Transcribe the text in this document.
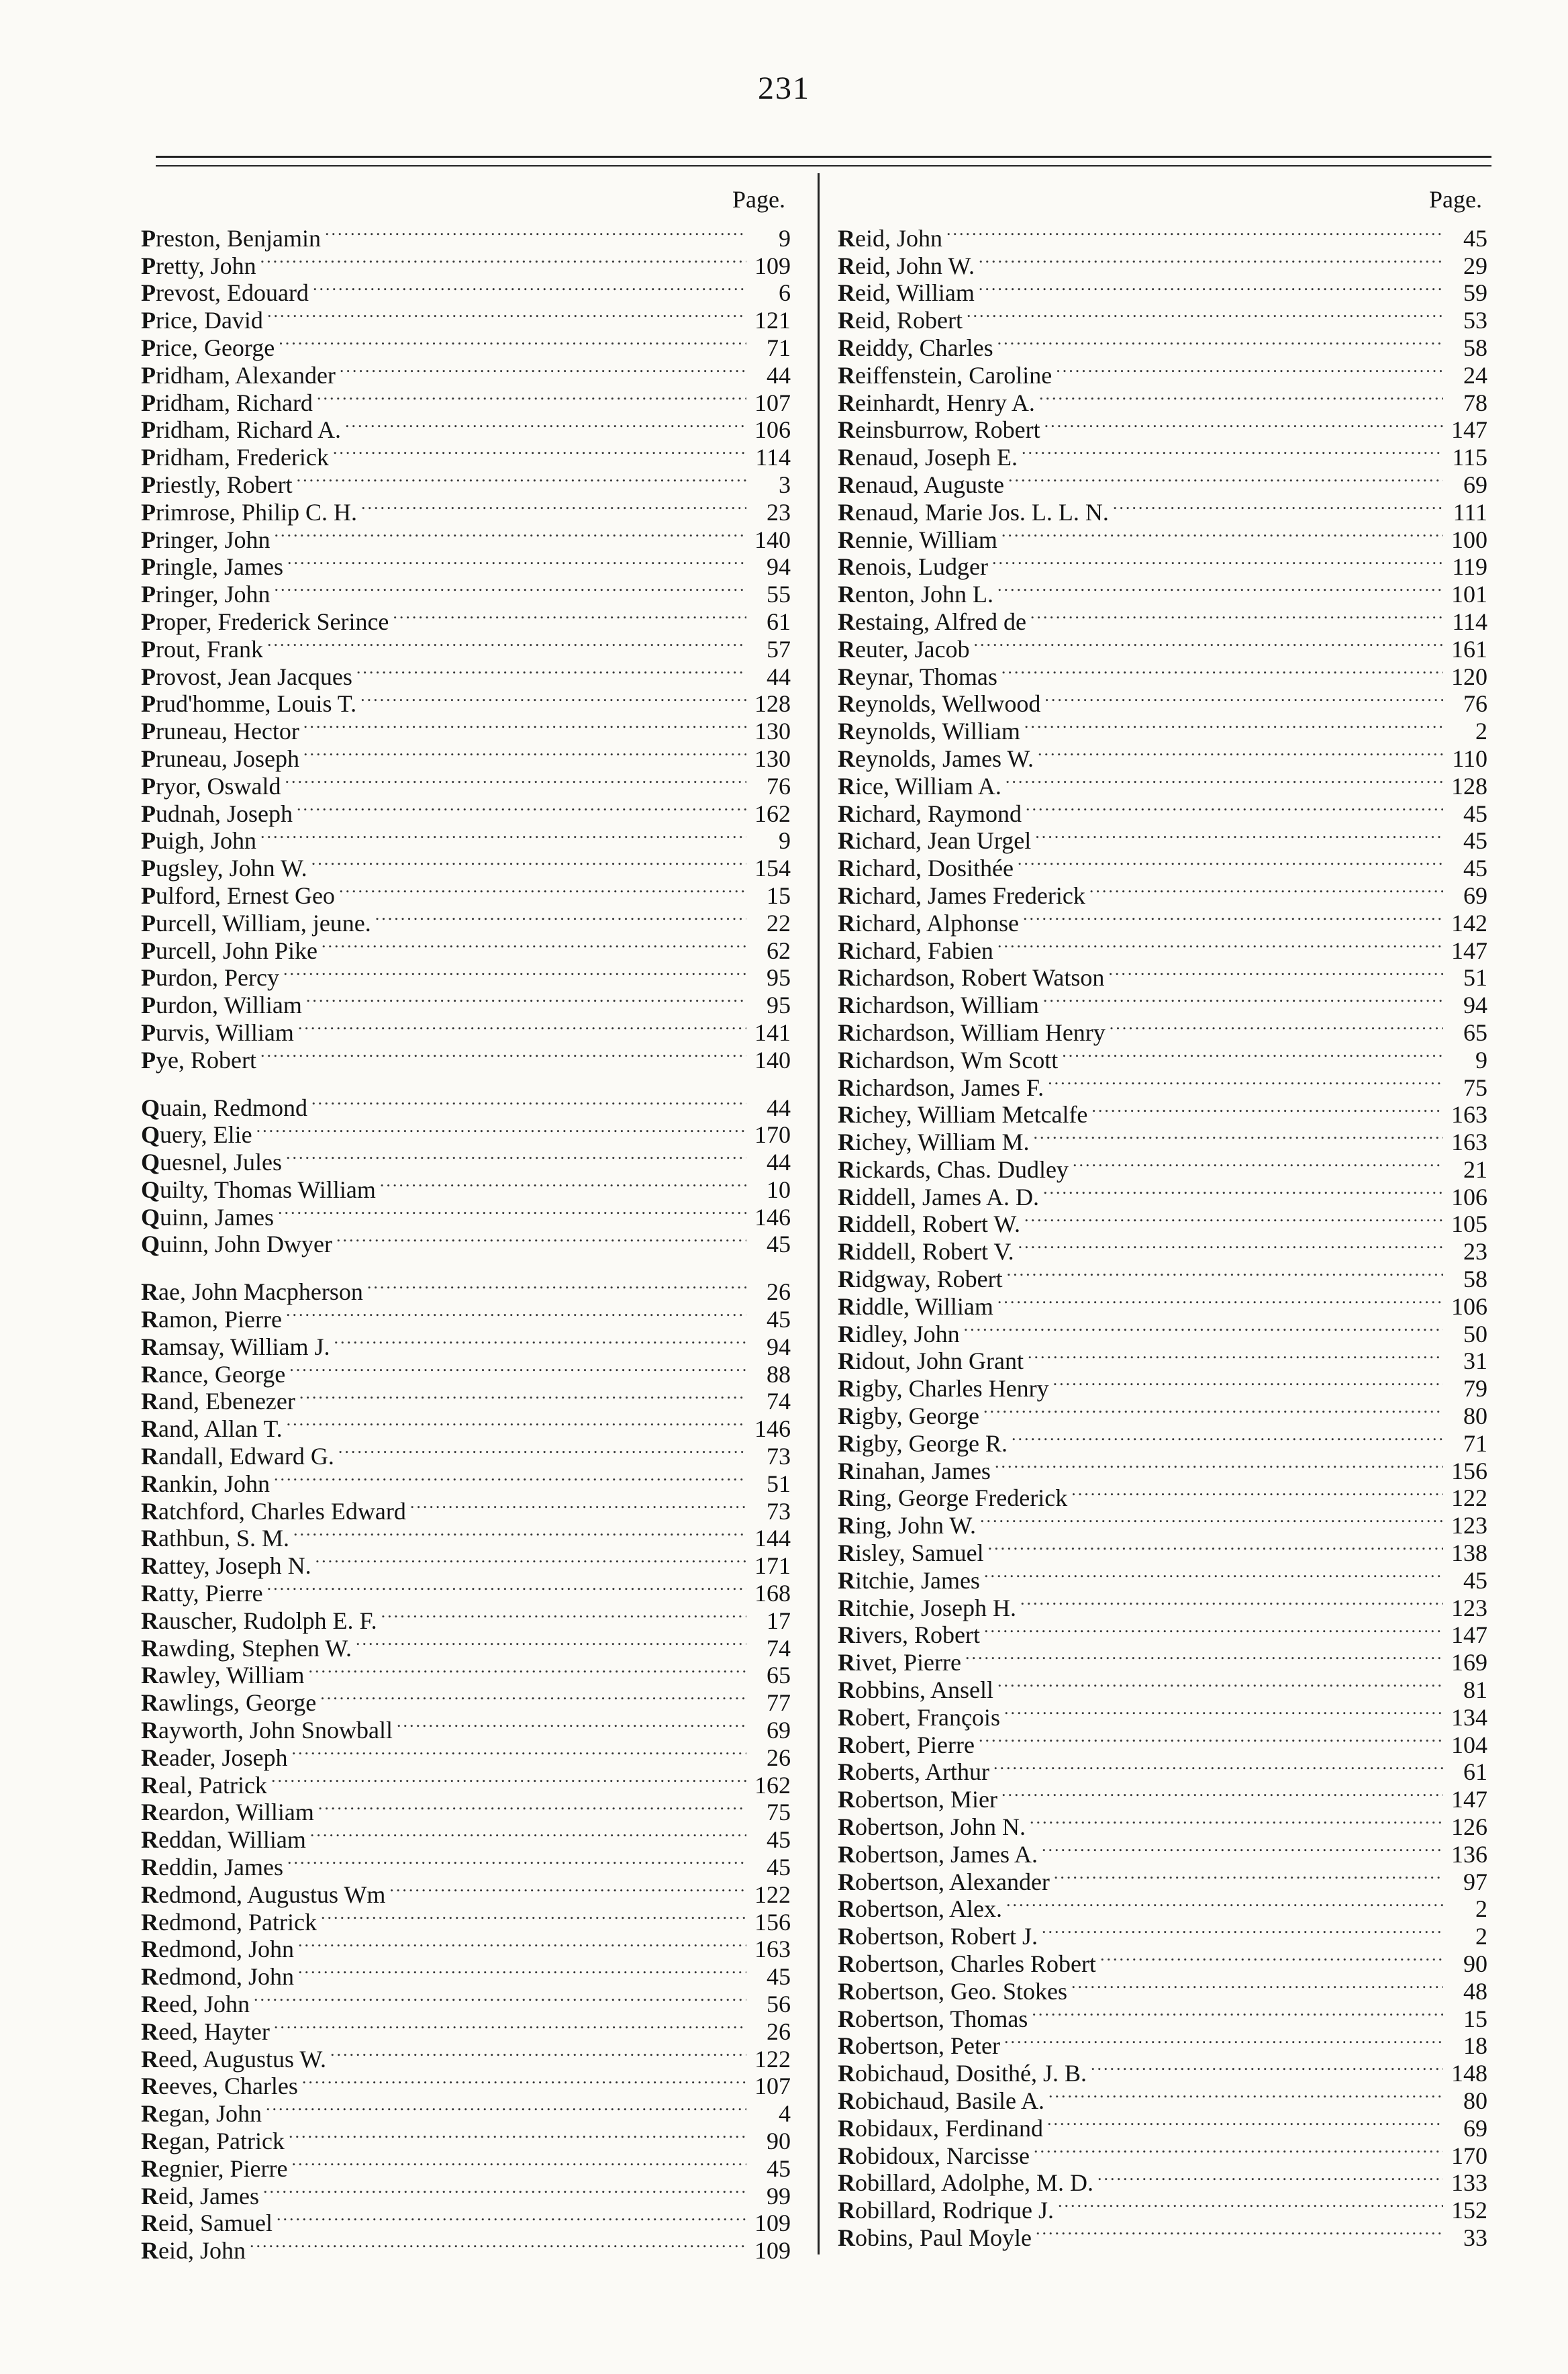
231
Page.
Preston, Benjamin .....	9
Pretty, John .....	109
Prevost, Edouard .....	6
Price, David .....	121
Price, George .....	71
Pridham, Alexander .....	44
Pridham, Richard .....	107
Pridham, Richard A. .....	106
Pridham, Frederick .....	114
Priestly, Robert .....	3
Primrose, Philip C. H. .....	23
Pringer, John .....	140
Pringle, James .....	94
Pringer, John .....	55
Proper, Frederick Serince .....	61
Prout, Frank .....	57
Provost, Jean Jacques .....	44
Prud'homme, Louis T. .....	128
Pruneau, Hector .....	130
Pruneau, Joseph .....	130
Pryor, Oswald .....	76
Pudnah, Joseph .....	162
Puigh, John .....	9
Pugsley, John W. .....	154
Pulford, Ernest Geo .....	15
Purcell, William, jeune. .....	22
Purcell, John Pike .....	62
Purdon, Percy .....	95
Purdon, William .....	95
Purvis, William .....	141
Pye, Robert .....	140
Quain, Redmond .....	44
Query, Elie .....	170
Quesnel, Jules .....	44
Quilty, Thomas William .....	10
Quinn, James .....	146
Quinn, John Dwyer .....	45
Rae, John Macpherson .....	26
Ramon, Pierre .....	45
Ramsay, William J. .....	94
Rance, George .....	88
Rand, Ebenezer .....	74
Rand, Allan T. .....	146
Randall, Edward G. .....	73
Rankin, John .....	51
Ratchford, Charles Edward .....	73
Rathbun, S. M. .....	144
Rattey, Joseph N. .....	171
Ratty, Pierre .....	168
Rauscher, Rudolph E. F. .....	17
Rawding, Stephen W. .....	74
Rawley, William .....	65
Rawlings, George .....	77
Rayworth, John Snowball .....	69
Reader, Joseph .....	26
Real, Patrick .....	162
Reardon, William .....	75
Reddan, William .....	45
Reddin, James .....	45
Redmond, Augustus Wm .....	122
Redmond, Patrick .....	156
Redmond, John .....	163
Redmond, John .....	45
Reed, John .....	56
Reed, Hayter .....	26
Reed, Augustus W. .....	122
Reeves, Charles .....	107
Regan, John .....	4
Regan, Patrick .....	90
Regnier, Pierre .....	45
Reid, James .....	99
Reid, Samuel .....	109
Reid, John .....	109
Page.
Reid, John .....	45
Reid, John W. .....	29
Reid, William .....	59
Reid, Robert .....	53
Reiddy, Charles .....	58
Reiffenstein, Caroline .....	24
Reinhardt, Henry A. .....	78
Reinsburrow, Robert .....	147
Renaud, Joseph E. .....	115
Renaud, Auguste .....	69
Renaud, Marie Jos. L. L. N. .....	111
Rennie, William .....	100
Renois, Ludger .....	119
Renton, John L. .....	101
Restaing, Alfred de .....	114
Reuter, Jacob .....	161
Reynar, Thomas .....	120
Reynolds, Wellwood .....	76
Reynolds, William .....	2
Reynolds, James W. .....	110
Rice, William A. .....	128
Richard, Raymond .....	45
Richard, Jean Urgel .....	45
Richard, Dosithée .....	45
Richard, James Frederick .....	69
Richard, Alphonse .....	142
Richard, Fabien .....	147
Richardson, Robert Watson .....	51
Richardson, William .....	94
Richardson, William Henry .....	65
Richardson, Wm Scott .....	9
Richardson, James F. .....	75
Richey, William Metcalfe .....	163
Richey, William M. .....	163
Rickards, Chas. Dudley .....	21
Riddell, James A. D. .....	106
Riddell, Robert W. .....	105
Riddell, Robert V. .....	23
Ridgway, Robert .....	58
Riddle, William .....	106
Ridley, John .....	50
Ridout, John Grant .....	31
Rigby, Charles Henry .....	79
Rigby, George .....	80
Rigby, George R. .....	71
Rinahan, James .....	156
Ring, George Frederick .....	122
Ring, John W. .....	123
Risley, Samuel .....	138
Ritchie, James .....	45
Ritchie, Joseph H. .....	123
Rivers, Robert .....	147
Rivet, Pierre .....	169
Robbins, Ansell .....	81
Robert, François .....	134
Robert, Pierre .....	104
Roberts, Arthur .....	61
Robertson, Mier .....	147
Robertson, John N. .....	126
Robertson, James A. .....	136
Robertson, Alexander .....	97
Robertson, Alex. .....	2
Robertson, Robert J. .....	2
Robertson, Charles Robert .....	90
Robertson, Geo. Stokes .....	48
Robertson, Thomas .....	15
Robertson, Peter .....	18
Robichaud, Dosithé, J. B. .....	148
Robichaud, Basile A. .....	80
Robidaux, Ferdinand .....	69
Robidoux, Narcisse .....	170
Robillard, Adolphe, M. D. .....	133
Robillard, Rodrique J. .....	152
Robins, Paul Moyle .....	33
